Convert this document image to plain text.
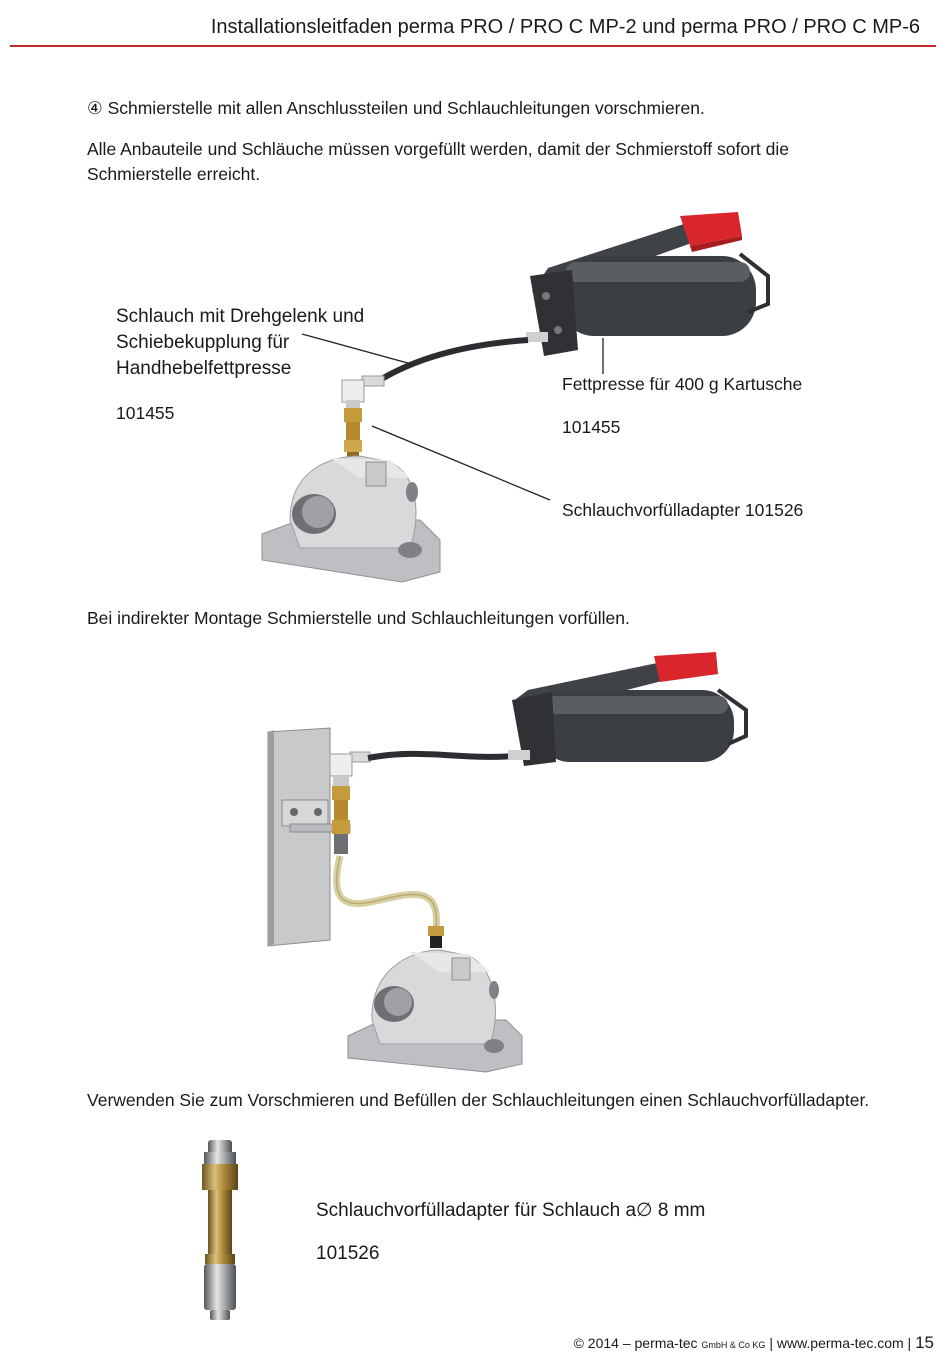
Installationsleitfaden perma PRO / PRO C MP-2 und perma PRO / PRO C MP-6
④ Schmierstelle mit allen Anschlussteilen und Schlauchleitungen vorschmieren.
Alle Anbauteile und Schläuche müssen vorgefüllt werden, damit der Schmierstoff sofort die Schmierstelle erreicht.
Schlauch mit Drehgelenk und
Schiebekupplung für
Handhebelfettpresse
101455
Fettpresse für 400 g Kartusche
101455
Schlauchvorfülladapter 101526
Bei indirekter Montage Schmierstelle und Schlauchleitungen vorfüllen.
Verwenden Sie zum Vorschmieren und Befüllen der Schlauchleitungen einen Schlauchvorfülladapter.
Schlauchvorfülladapter für Schlauch a∅ 8 mm
101526
© 2014 – perma-tec GmbH & Co KG | www.perma-tec.com | 15
